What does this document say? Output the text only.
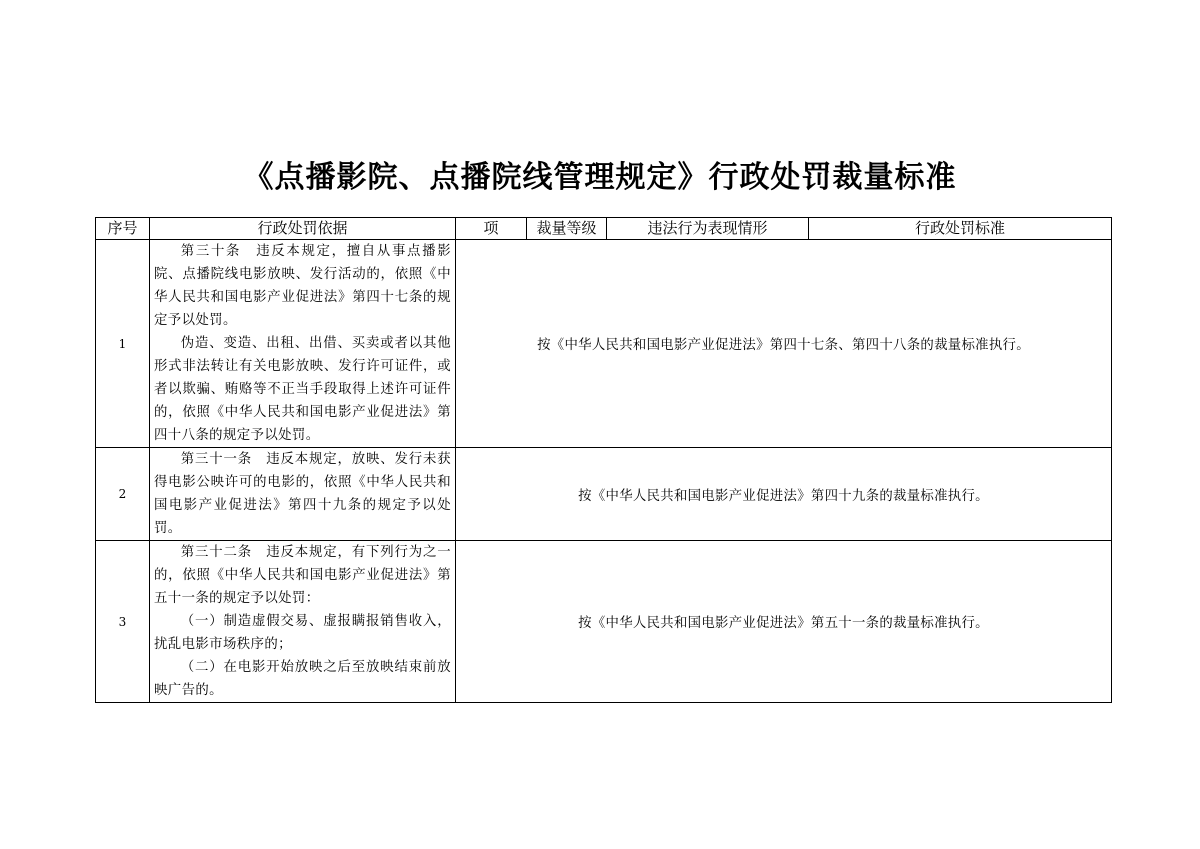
《点播影院、点播院线管理规定》行政处罚裁量标准
序号	行政处罚依据	项	裁量等级	违法行为表现情形	行政处罚标准
1	第三十条　违反本规定，擅自从事点播影院、点播院线电影放映、发行活动的，依照《中华人民共和国电影产业促进法》第四十七条的规定予以处罚。
伪造、变造、出租、出借、买卖或者以其他形式非法转让有关电影放映、发行许可证件，或者以欺骗、贿赂等不正当手段取得上述许可证件的，依照《中华人民共和国电影产业促进法》第四十八条的规定予以处罚。	按《中华人民共和国电影产业促进法》第四十七条、第四十八条的裁量标准执行。			
2	第三十一条　违反本规定，放映、发行未获得电影公映许可的电影的，依照《中华人民共和国电影产业促进法》第四十九条的规定予以处罚。	按《中华人民共和国电影产业促进法》第四十九条的裁量标准执行。			
3	第三十二条　违反本规定，有下列行为之一的，依照《中华人民共和国电影产业促进法》第五十一条的规定予以处罚：
（一）制造虚假交易、虚报瞒报销售收入，扰乱电影市场秩序的；
（二）在电影开始放映之后至放映结束前放映广告的。	按《中华人民共和国电影产业促进法》第五十一条的裁量标准执行。			
